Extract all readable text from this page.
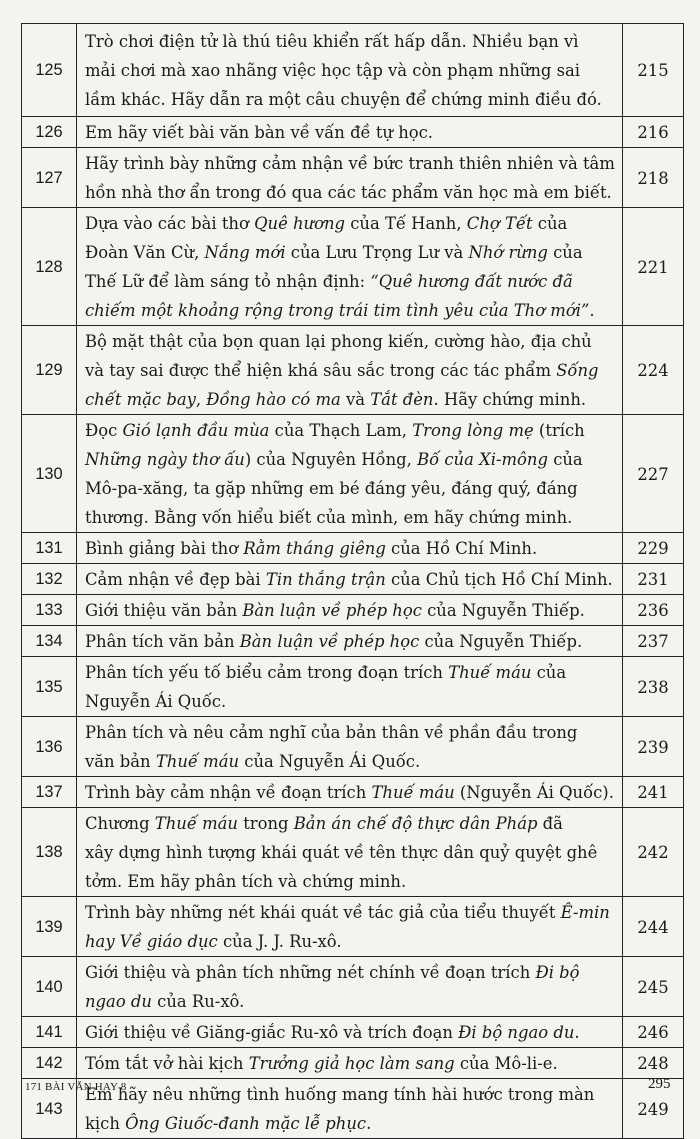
125	Trò chơi điện tử là thú tiêu khiển rất hấp dẫn. Nhiều bạn vì
mải chơi mà xao nhãng việc học tập và còn phạm những sai
lầm khác. Hãy dẫn ra một câu chuyện để chứng minh điều đó.	215
126	Em hãy viết bài văn bàn về vấn đề tự học.	216
127	Hãy trình bày những cảm nhận về bức tranh thiên nhiên và tâm
hồn nhà thơ ẩn trong đó qua các tác phẩm văn học mà em biết.	218
128	Dựa vào các bài thơ Quê hương của Tế Hanh, Chợ Tết của
Đoàn Văn Cừ, Nắng mới của Lưu Trọng Lư và Nhớ rừng của
Thế Lữ để làm sáng tỏ nhận định: “Quê hương đất nước đã
chiếm một khoảng rộng trong trái tim tình yêu của Thơ mới”.	221
129	Bộ mặt thật của bọn quan lại phong kiến, cường hào, địa chủ
và tay sai được thể hiện khá sâu sắc trong các tác phẩm Sống
chết mặc bay, Đồng hào có ma và Tắt đèn. Hãy chứng minh.	224
130	Đọc Gió lạnh đầu mùa của Thạch Lam, Trong lòng mẹ (trích
Những ngày thơ ấu) của Nguyên Hồng, Bố của Xi-mông của
Mô-pa-xăng, ta gặp những em bé đáng yêu, đáng quý, đáng
thương. Bằng vốn hiểu biết của mình, em hãy chứng minh.	227
131	Bình giảng bài thơ Rằm tháng giêng của Hồ Chí Minh.	229
132	Cảm nhận về đẹp bài Tin thắng trận của Chủ tịch Hồ Chí Minh.	231
133	Giới thiệu văn bản Bàn luận về phép học của Nguyễn Thiếp.	236
134	Phân tích văn bản Bàn luận về phép học của Nguyễn Thiếp.	237
135	Phân tích yếu tố biểu cảm trong đoạn trích Thuế máu của
Nguyễn Ái Quốc.	238
136	Phân tích và nêu cảm nghĩ của bản thân về phần đầu trong
văn bản Thuế máu của Nguyễn Ái Quốc.	239
137	Trình bày cảm nhận về đoạn trích Thuế máu (Nguyễn Ái Quốc).	241
138	Chương Thuế máu trong Bản án chế độ thực dân Pháp đã
xây dựng hình tượng khái quát về tên thực dân quỷ quyệt ghê
tởm. Em hãy phân tích và chứng minh.	242
139	Trình bày những nét khái quát về tác giả của tiểu thuyết Ê-min
hay Về giáo dục của J. J. Ru-xô.	244
140	Giới thiệu và phân tích những nét chính về đoạn trích Đi bộ
ngao du của Ru-xô.	245
141	Giới thiệu về Giăng-giắc Ru-xô và trích đoạn Đi bộ ngao du.	246
142	Tóm tắt vở hài kịch Trưởng giả học làm sang của Mô-li-e.	248
143	Em hãy nêu những tình huống mang tính hài hước trong màn
kịch Ông Giuốc-đanh mặc lễ phục.	249
171 BÀI VĂN HAY 8	295
